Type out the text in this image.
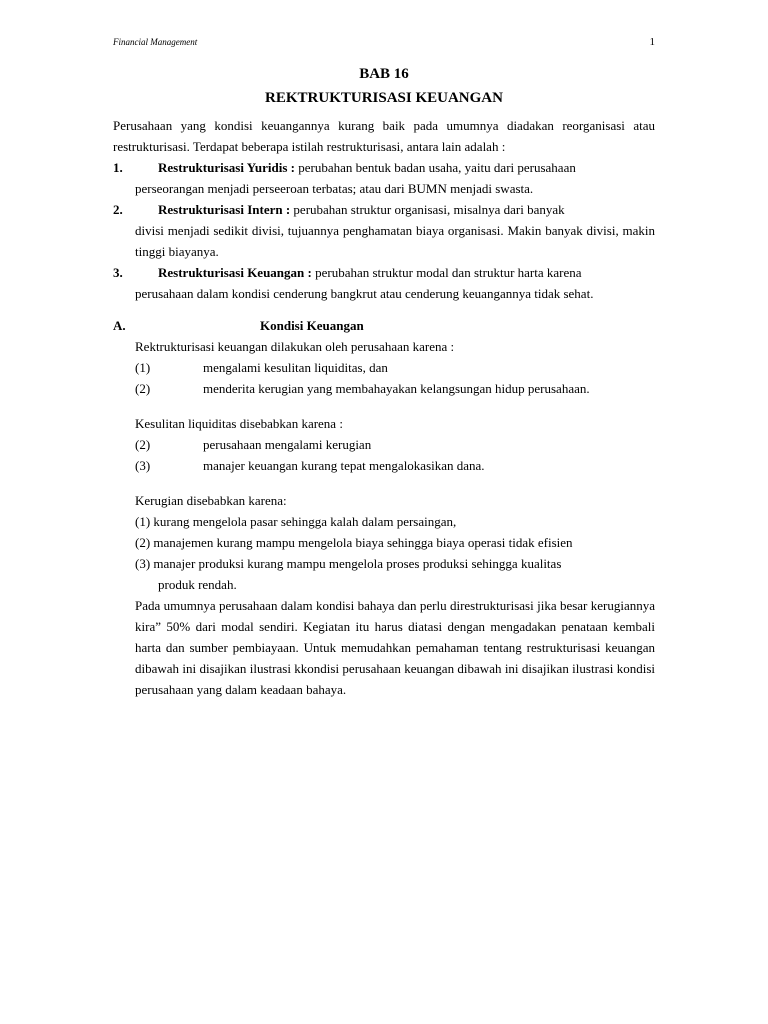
Financial Management	1
BAB 16
REKTRUKTURISASI KEUANGAN

Perusahaan yang kondisi keuangannya kurang baik pada umumnya diadakan reorganisasi atau restrukturisasi. Terdapat beberapa istilah restrukturisasi, antara lain adalah :

1.	Restrukturisasi Yuridis : perubahan bentuk badan usaha, yaitu dari perusahaan
perseorangan menjadi perseeroan terbatas; atau dari BUMN menjadi swasta.
2.	Restrukturisasi Intern : perubahan struktur organisasi, misalnya dari banyak
divisi menjadi sedikit divisi, tujuannya penghamatan biaya organisasi. Makin banyak divisi, makin tinggi biayanya.
3.	Restrukturisasi Keuangan : perubahan struktur modal dan struktur harta karena
perusahaan dalam kondisi cenderung bangkrut atau cenderung keuangannya tidak sehat.
A.	Kondisi Keuangan
Rektrukturisasi keuangan dilakukan oleh perusahaan karena :
(1)	mengalami kesulitan liquiditas, dan
(2)	menderita kerugian yang membahayakan kelangsungan hidup perusahaan.
Kesulitan liquiditas disebabkan karena :
(2)	perusahaan mengalami kerugian
(3)	manajer keuangan kurang tepat mengalokasikan dana.
Kerugian disebabkan karena:
(1) kurang mengelola pasar sehingga kalah dalam persaingan,
(2) manajemen kurang mampu mengelola biaya sehingga biaya operasi tidak efisien
(3) manajer produksi kurang mampu mengelola proses produksi sehingga kualitas
produk rendah.

Pada umumnya perusahaan dalam kondisi bahaya dan perlu direstrukturisasi jika besar kerugiannya kira” 50% dari modal sendiri. Kegiatan itu harus diatasi dengan mengadakan penataan kembali harta dan sumber pembiayaan. Untuk memudahkan pemahaman tentang restrukturisasi keuangan dibawah ini disajikan ilustrasi kkondisi perusahaan keuangan dibawah ini disajikan ilustrasi kondisi perusahaan yang dalam keadaan bahaya.
